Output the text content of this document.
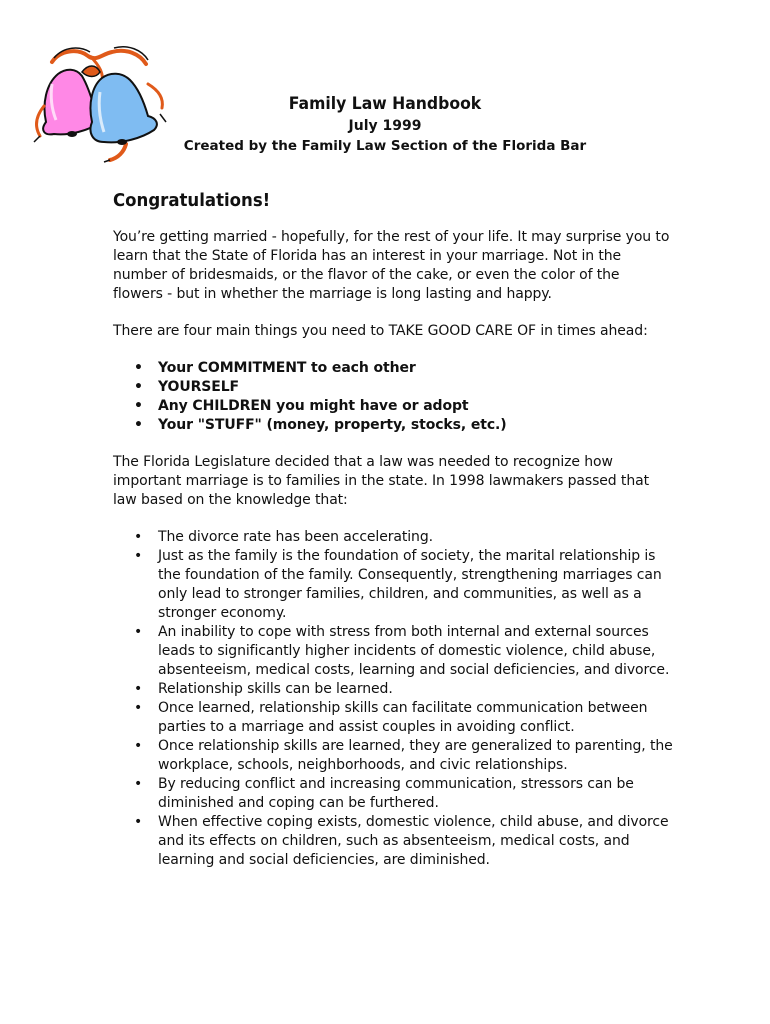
Family Law Handbook
July 1999
Created by the Family Law Section of the Florida Bar
Congratulations!

You’re getting married - hopefully, for the rest of your life. It may surprise you to learn that the State of Florida has an interest in your marriage. Not in the number of bridesmaids, or the flavor of the cake, or even the color of the flowers - but in whether the marriage is long lasting and happy.

There are four main things you need to TAKE GOOD CARE OF in times ahead:

• Your COMMITMENT to each other
• YOURSELF
• Any CHILDREN you might have or adopt
• Your "STUFF" (money, property, stocks, etc.)

The Florida Legislature decided that a law was needed to recognize how important marriage is to families in the state. In 1998 lawmakers passed that law based on the knowledge that:

• The divorce rate has been accelerating.
• Just as the family is the foundation of society, the marital relationship is the foundation of the family. Consequently, strengthening marriages can only lead to stronger families, children, and communities, as well as a stronger economy.
• An inability to cope with stress from both internal and external sources leads to significantly higher incidents of domestic violence, child abuse, absenteeism, medical costs, learning and social deficiencies, and divorce.
• Relationship skills can be learned.
• Once learned, relationship skills can facilitate communication between parties to a marriage and assist couples in avoiding conflict.
• Once relationship skills are learned, they are generalized to parenting, the workplace, schools, neighborhoods, and civic relationships.
• By reducing conflict and increasing communication, stressors can be diminished and coping can be furthered.
• When effective coping exists, domestic violence, child abuse, and divorce and its effects on children, such as absenteeism, medical costs, and learning and social deficiencies, are diminished.
